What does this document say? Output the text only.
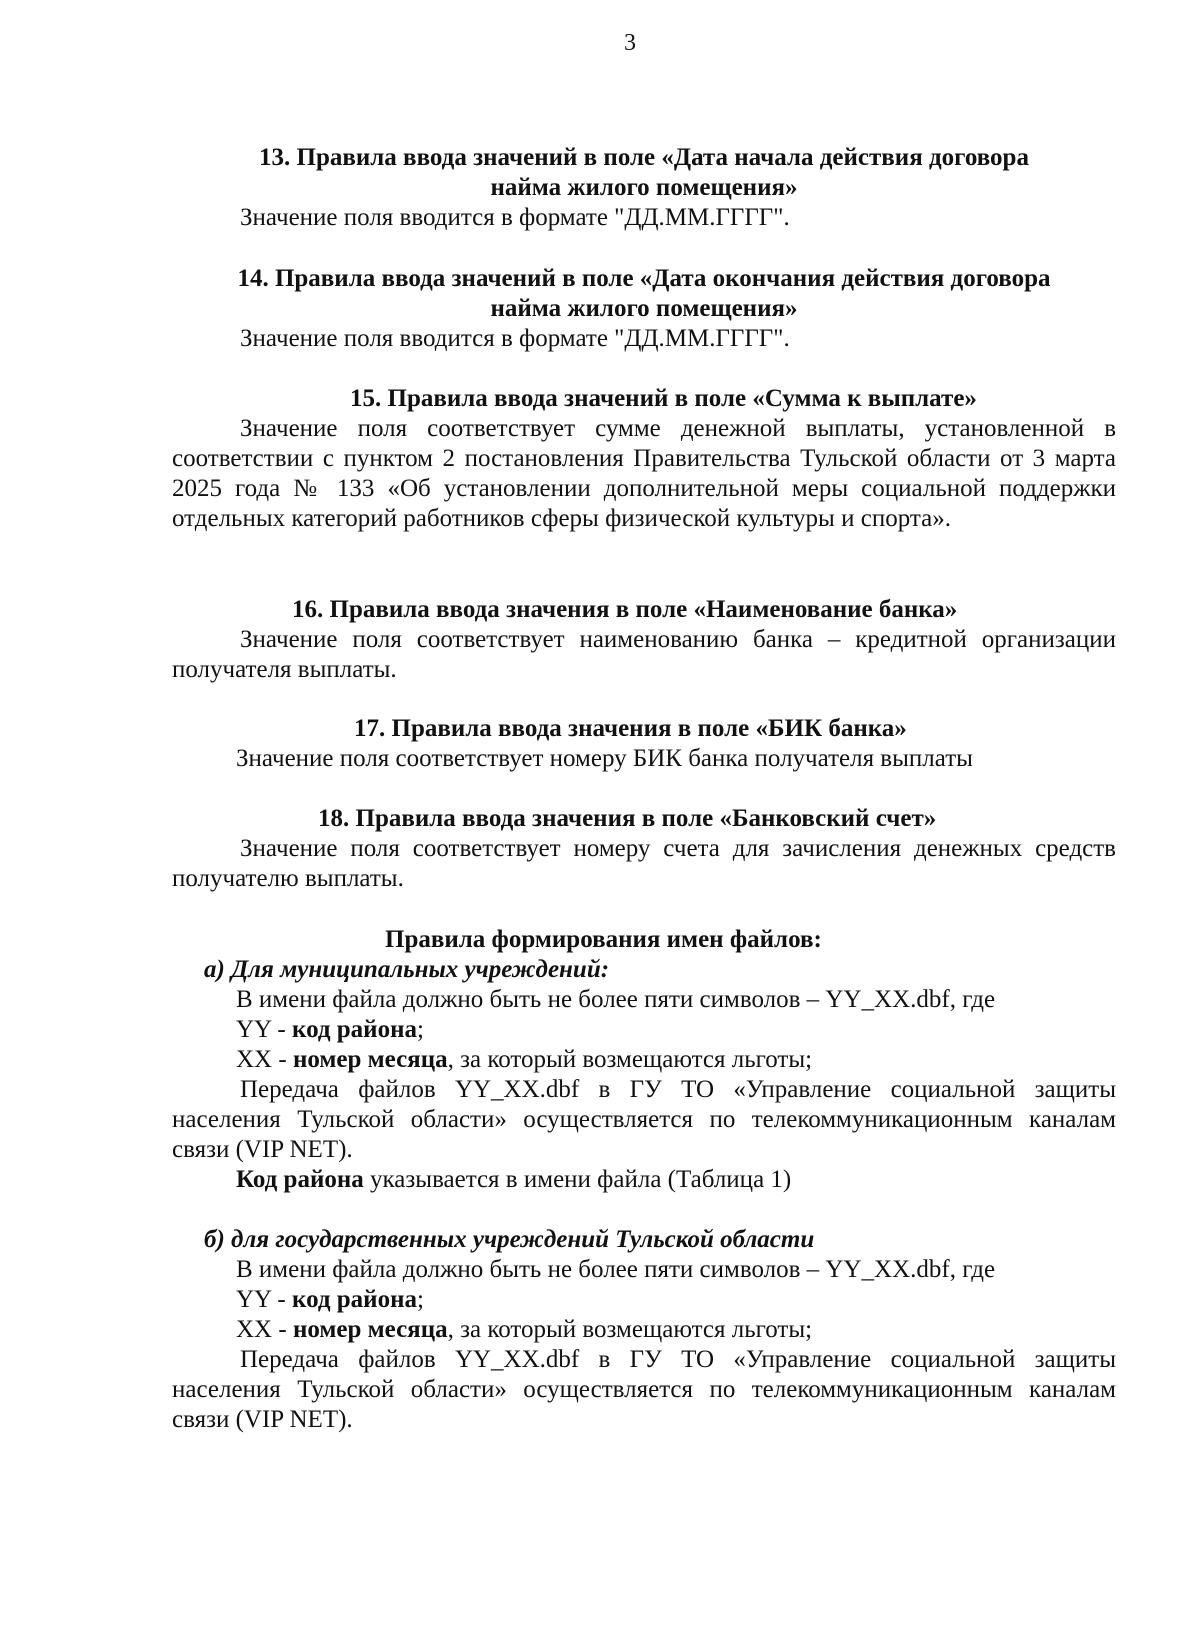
3
13. Правила ввода значений в поле «Дата начала действия договора
найма жилого помещения»
Значение поля вводится в формате "ДД.ММ.ГГГГ".
14. Правила ввода значений в поле «Дата окончания действия договора
найма жилого помещения»
Значение поля вводится в формате "ДД.ММ.ГГГГ".
15. Правила ввода значений в поле «Сумма к выплате»
Значение поля соответствует сумме денежной выплаты, установленной в соответствии с пунктом 2 постановления Правительства Тульской области от 3 марта 2025 года № 133 «Об установлении дополнительной меры социальной поддержки отдельных категорий работников сферы физической культуры и спорта».
16. Правила ввода значения в поле «Наименование банка»
Значение поля соответствует наименованию банка – кредитной организации получателя выплаты.
17. Правила ввода значения в поле «БИК банка»
Значение поля соответствует номеру БИК банка получателя выплаты
18. Правила ввода значения в поле «Банковский счет»
Значение поля соответствует номеру счета для зачисления денежных средств получателю выплаты.
Правила формирования имен файлов:
а) Для муниципальных учреждений:
В имени файла должно быть не более пяти символов – YY_XX.dbf, где
YY - код района;
XX - номер месяца, за который возмещаются льготы;
Передача файлов YY_XX.dbf в ГУ ТО «Управление социальной защиты населения Тульской области» осуществляется по телекоммуникационным каналам связи (VIP NET).
Код района указывается в имени файла (Таблица 1)
б) для государственных учреждений Тульской области
В имени файла должно быть не более пяти символов – YY_XX.dbf, где
YY - код района;
XX - номер месяца, за который возмещаются льготы;
Передача файлов YY_XX.dbf в ГУ ТО «Управление социальной защиты населения Тульской области» осуществляется по телекоммуникационным каналам связи (VIP NET).
